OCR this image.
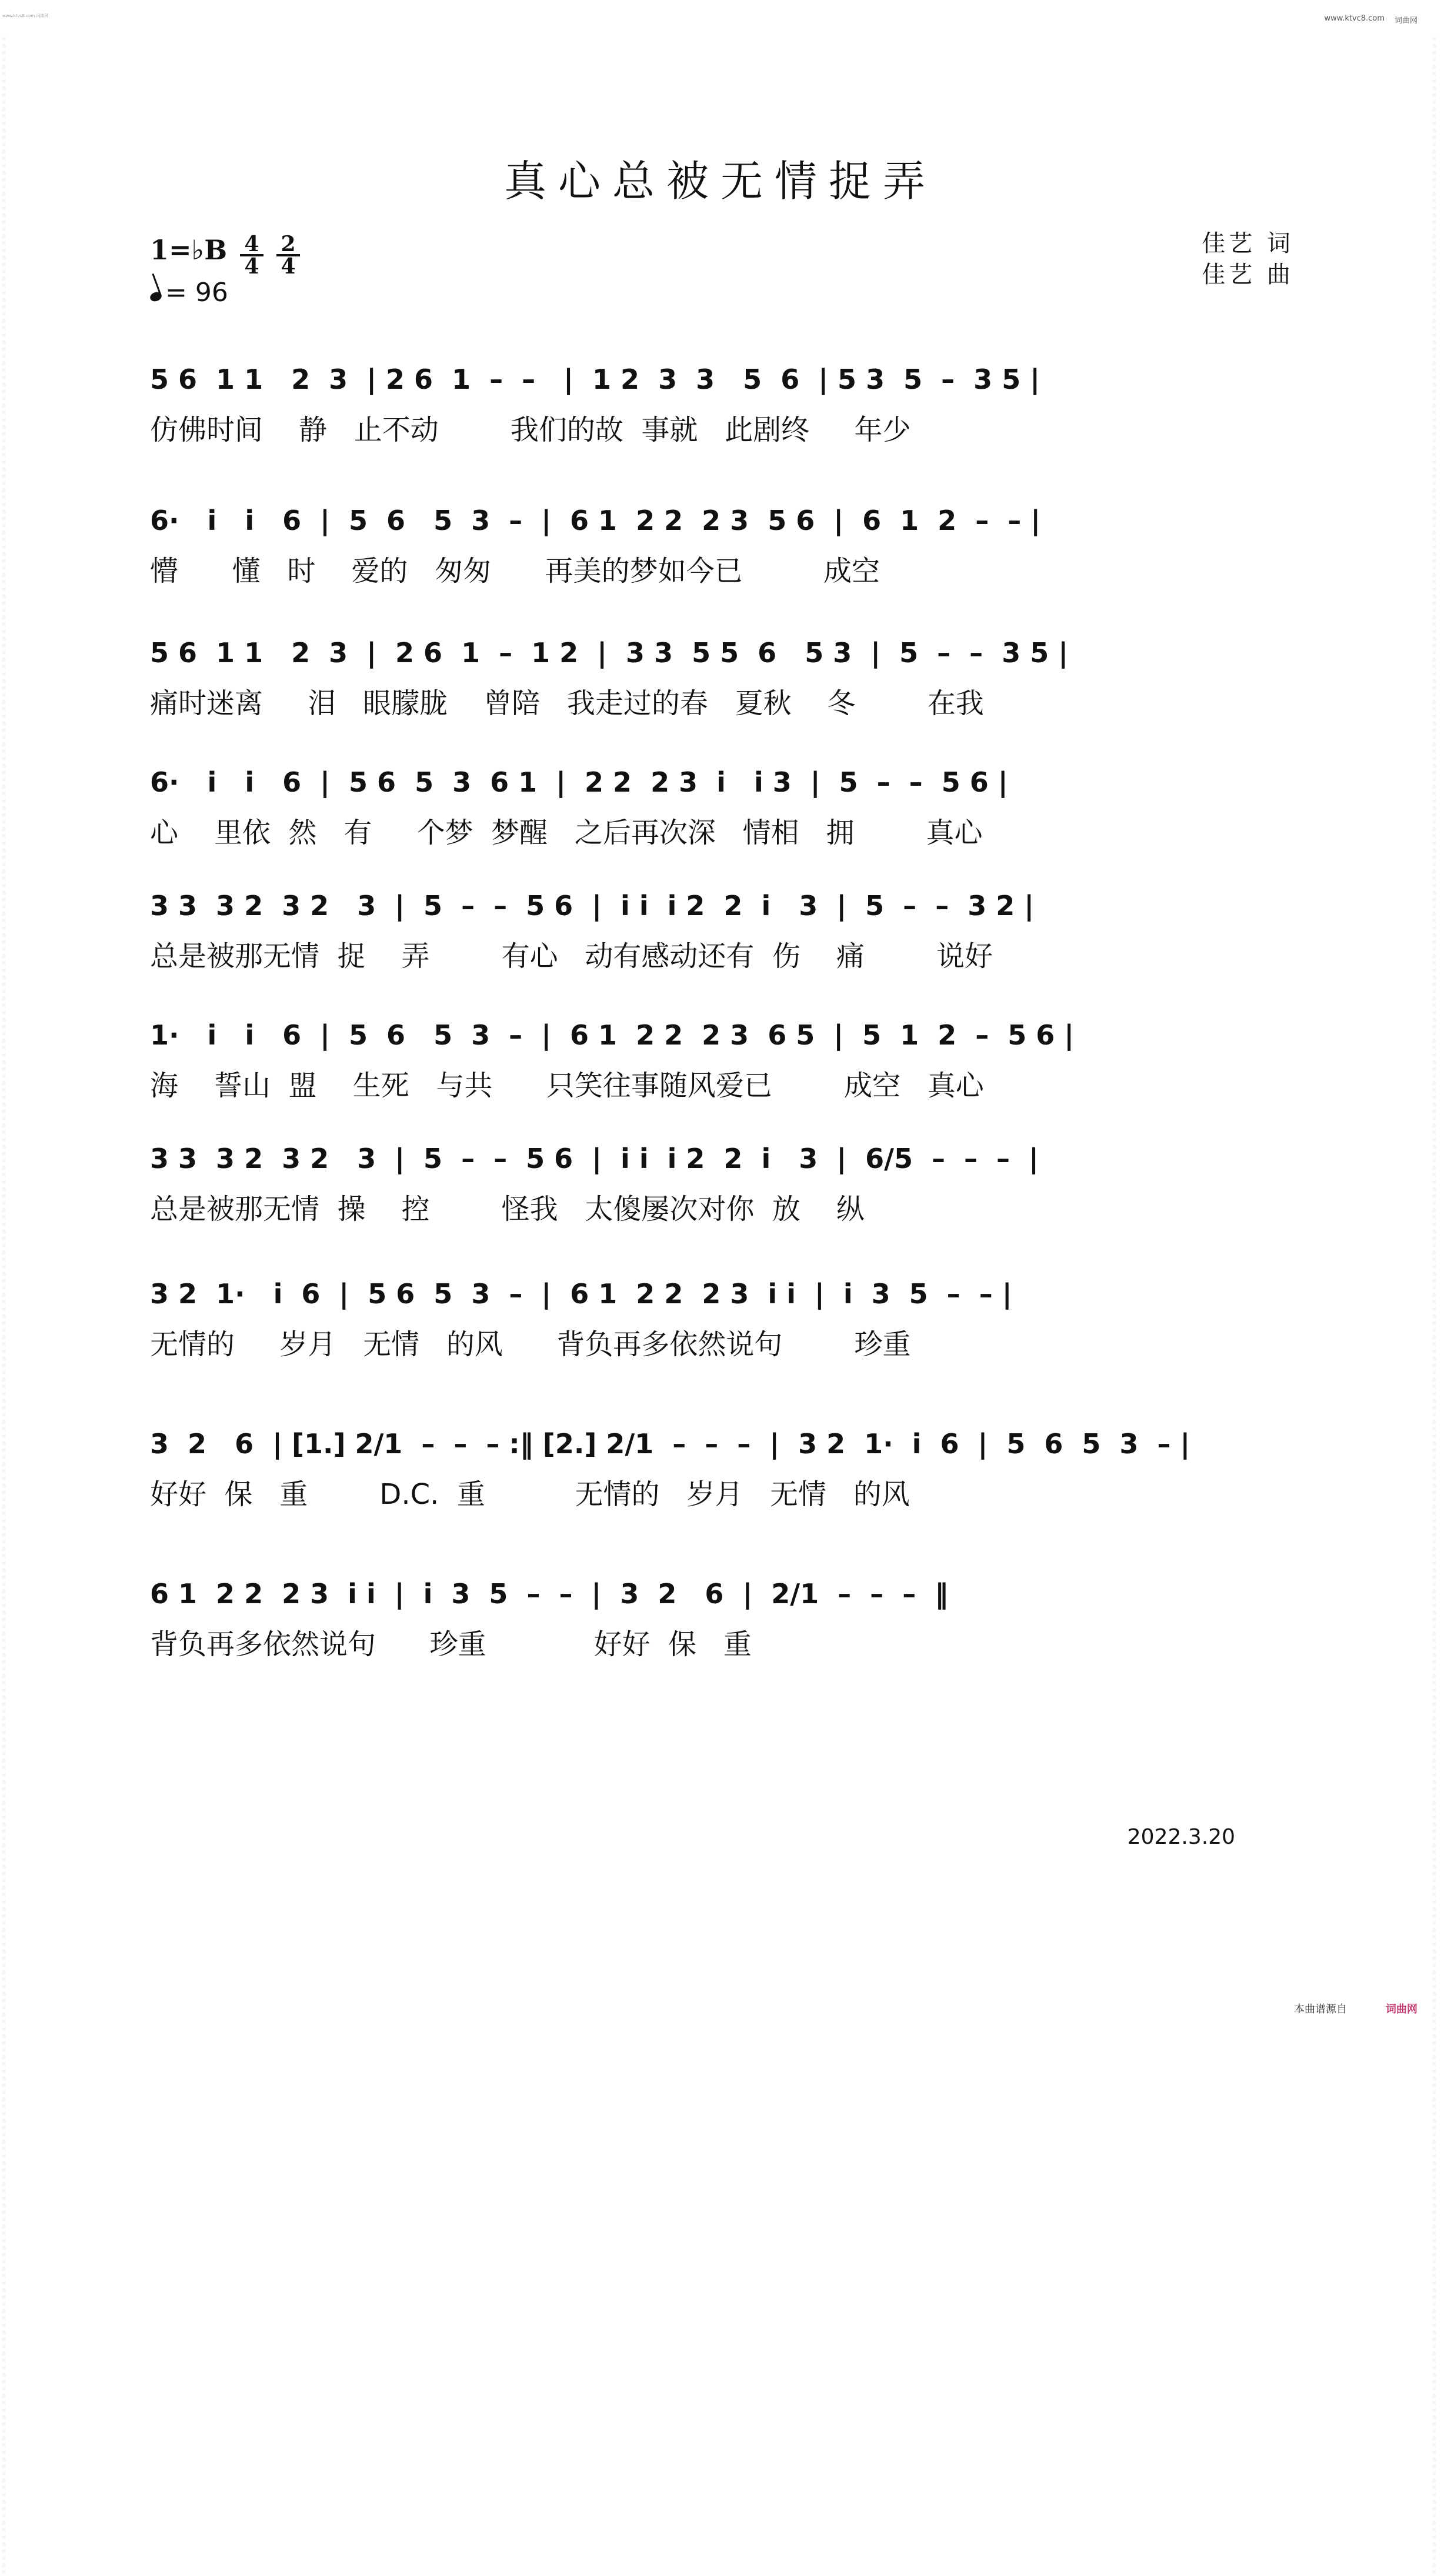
www.ktvc8.com 词曲网	www.ktvc8.com 词曲网
词曲网 词曲网 词曲网 词曲网 词曲网 词曲网 词曲网 词曲网 词曲网 词曲网 词曲网 词曲网 词曲网 词曲网 词曲网 词曲网 词曲网 词曲网 词曲网 词曲网 词曲网 词曲网 词曲网 词曲网 词曲网 词曲网 词曲网 词曲网 词曲网 词曲网 词曲网 词曲网 词曲网 词曲网 词曲网 词曲网 词曲网 词曲网 词曲网 词曲网 词曲网 词曲网 词曲网 词曲网 词曲网 词曲网 词曲网 词曲网 词曲网 词曲网 词曲网 词曲网 词曲网 词曲网 词曲网 词曲网 词曲网 词曲网 词曲网 词曲网 词曲网 词曲网 词曲网 词曲网 词曲网 词曲网 词曲网 词曲网 词曲网 词曲网 词曲网 词曲网 词曲网 词曲网 词曲网 词曲网 词曲网 词曲网 词曲网 词曲网 词曲网 词曲网 词曲网 词曲网 词曲网 词曲网 词曲网 词曲网 词曲网 词曲网 词曲网 词曲网 词曲网 词曲网 词曲网 词曲网 词曲网 词曲网 词曲网 词曲网 词曲网 词曲网 词曲网 词曲网 词曲网 词曲网 词曲网 词曲网 词曲网 词曲网 词曲网 词曲网 词曲网 词曲网 词曲网 词曲网 词曲网 词曲网 词曲网 词曲网
词曲网 词曲网 词曲网 词曲网 词曲网 词曲网 词曲网 词曲网 词曲网 词曲网 词曲网 词曲网 词曲网 词曲网 词曲网 词曲网 词曲网 词曲网 词曲网 词曲网 词曲网 词曲网 词曲网 词曲网 词曲网 词曲网 词曲网 词曲网 词曲网 词曲网 词曲网 词曲网 词曲网 词曲网 词曲网 词曲网 词曲网 词曲网 词曲网 词曲网 词曲网 词曲网 词曲网 词曲网 词曲网 词曲网 词曲网 词曲网 词曲网 词曲网 词曲网 词曲网 词曲网 词曲网 词曲网 词曲网 词曲网 词曲网 词曲网 词曲网 词曲网 词曲网 词曲网 词曲网 词曲网 词曲网 词曲网 词曲网 词曲网 词曲网 词曲网 词曲网 词曲网 词曲网 词曲网 词曲网 词曲网 词曲网 词曲网 词曲网 词曲网 词曲网 词曲网 词曲网 词曲网 词曲网 词曲网 词曲网 词曲网 词曲网 词曲网 词曲网 词曲网 词曲网 词曲网 词曲网 词曲网 词曲网 词曲网 词曲网 词曲网 词曲网 词曲网 词曲网 词曲网 词曲网 词曲网 词曲网 词曲网 词曲网 词曲网 词曲网 词曲网 词曲网 词曲网 词曲网 词曲网 词曲网 词曲网 词曲网
真心总被无情捉弄
1=♭B $\frac{4}{4} \frac{2}{4}$
= 96
佳艺 词
佳艺 曲
5 6  1 1   2  3  | 2 6  1  –  –   |  1 2  3  3   5  6  | 5 3  5  –  3 5 |
仿佛时间    静   止不动        我们的故  事就   此剧终     年少
6·   i   i   6  |  5  6   5  3  –  |  6 1  2 2  2 3  5 6  |  6  1  2  –  – |
懵      懂   时    爱的   匆匆      再美的梦如今已         成空
5 6  1 1   2  3  |  2 6  1  –  1 2  |  3 3  5 5  6   5 3  |  5  –  –  3 5 |
痛时迷离     泪   眼朦胧    曾陪   我走过的春   夏秋    冬        在我
6·   i   i   6  |  5 6  5  3  6 1  |  2 2  2 3  i   i 3  |  5  –  –  5 6 |
心    里依  然   有     个梦  梦醒   之后再次深   情相   拥        真心
3 3  3 2  3 2   3  |  5  –  –  5 6  |  i i  i 2  2  i   3  |  5  –  –  3 2 |
总是被那无情  捉    弄        有心   动有感动还有  伤    痛        说好
1·   i   i   6  |  5  6   5  3  –  |  6 1  2 2  2 3  6 5  |  5  1  2  –  5 6 |
海    誓山  盟    生死   与共      只笑往事随风爱已        成空   真心
3 3  3 2  3 2   3  |  5  –  –  5 6  |  i i  i 2  2  i   3  |  6/5  –  –  –  |
总是被那无情  操    控        怪我   太傻屡次对你  放    纵
3 2  1·   i  6  |  5 6  5  3  –  |  6 1  2 2  2 3  i i  |  i  3  5  –  – |
无情的     岁月   无情   的风      背负再多依然说句        珍重
3  2   6  | [1.] 2/1  –  –  – :‖ [2.] 2/1  –  –  –  |  3 2  1·  i  6  |  5  6  5  3  – |
好好  保   重        D.C.  重          无情的   岁月   无情   的风
6 1  2 2  2 3  i i  |  i  3  5  –  –  |  3  2   6  |  2/1  –  –  –  ‖
背负再多依然说句      珍重            好好  保   重
2022.3.20
本曲谱源自	词曲网
